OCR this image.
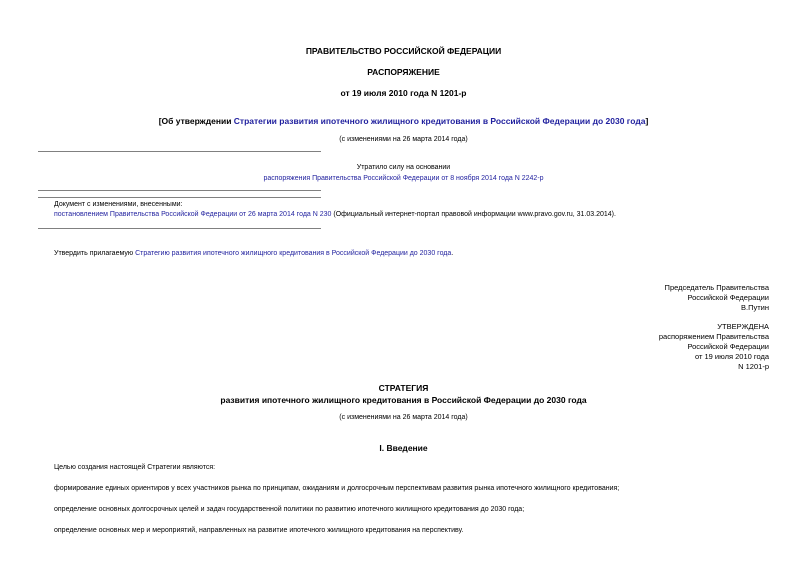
ПРАВИТЕЛЬСТВО РОССИЙСКОЙ ФЕДЕРАЦИИ
РАСПОРЯЖЕНИЕ
от 19 июля 2010 года N 1201-р
[Об утверждении Стратегии развития ипотечного жилищного кредитования в Российской Федерации до 2030 года]
(с изменениями на 26 марта 2014 года)
Утратило силу на основании
распоряжения Правительства Российской Федерации от 8 ноября 2014 года N 2242-р
Документ с изменениями, внесенными:
постановлением Правительства Российской Федерации от 26 марта 2014 года N 230 (Официальный интернет-портал правовой информации www.pravo.gov.ru, 31.03.2014).
Утвердить прилагаемую Стратегию развития ипотечного жилищного кредитования в Российской Федерации до 2030 года.
Председатель Правительства
Российской Федерации
В.Путин
УТВЕРЖДЕНА
распоряжением Правительства
Российской Федерации
от 19 июля 2010 года
N 1201-р
СТРАТЕГИЯ
развития ипотечного жилищного кредитования в Российской Федерации до 2030 года
(с изменениями на 26 марта 2014 года)
I. Введение
Целью создания настоящей Стратегии являются:
формирование единых ориентиров у всех участников рынка по принципам, ожиданиям и долгосрочным перспективам развития рынка ипотечного жилищного кредитования;
определение основных долгосрочных целей и задач государственной политики по развитию ипотечного жилищного кредитования до 2030 года;
определение основных мер и мероприятий, направленных на развитие ипотечного жилищного кредитования на перспективу.
